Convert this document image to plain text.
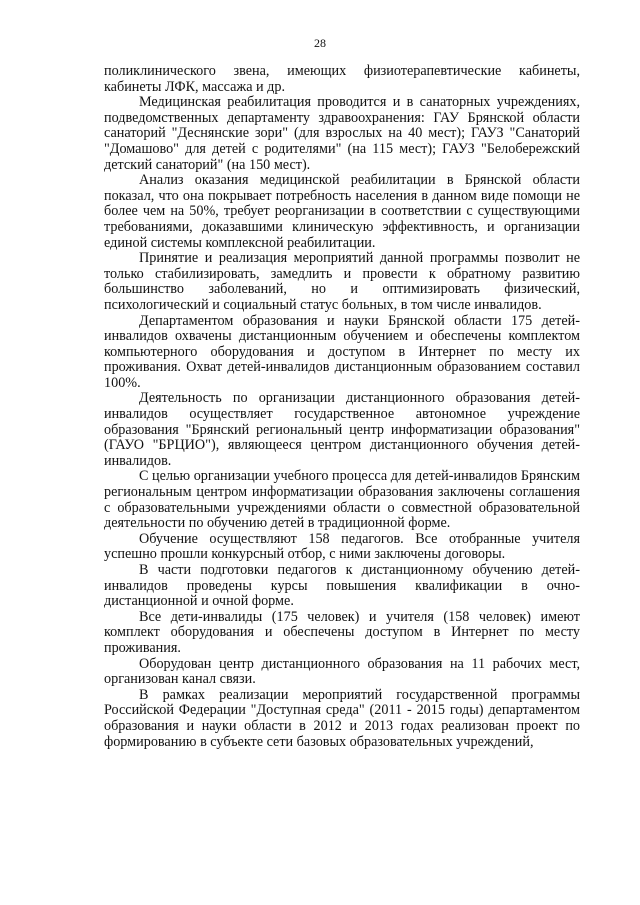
28

поликлинического звена, имеющих физиотерапевтические кабинеты, кабинеты ЛФК, массажа и др.

Медицинская реабилитация проводится и в санаторных учреждениях, подведомственных департаменту здравоохранения: ГАУ Брянской области санаторий "Деснянские зори" (для взрослых на 40 мест); ГАУЗ "Санаторий "Домашово" для детей с родителями" (на 115 мест); ГАУЗ "Белобережский детский санаторий" (на 150 мест).

Анализ оказания медицинской реабилитации в Брянской области показал, что она покрывает потребность населения в данном виде помощи не более чем на 50%, требует реорганизации в соответствии с существующими требованиями, доказавшими клиническую эффективность, и организации единой системы комплексной реабилитации.

Принятие и реализация мероприятий данной программы позволит не только стабилизировать, замедлить и провести к обратному развитию большинство заболеваний, но и оптимизировать физический, психологический и социальный статус больных, в том числе инвалидов.

Департаментом образования и науки Брянской области 175 детей-инвалидов охвачены дистанционным обучением и обеспечены комплектом компьютерного оборудования и доступом в Интернет по месту их проживания. Охват детей-инвалидов дистанционным образованием составил 100%.

Деятельность по организации дистанционного образования детей-инвалидов осуществляет государственное автономное учреждение образования "Брянский региональный центр информатизации образования" (ГАУО "БРЦИО"), являющееся центром дистанционного обучения детей-инвалидов.

С целью организации учебного процесса для детей-инвалидов Брянским региональным центром информатизации образования заключены соглашения с образовательными учреждениями области о совместной образовательной деятельности по обучению детей в традиционной форме.

Обучение осуществляют 158 педагогов. Все отобранные учителя успешно прошли конкурсный отбор, с ними заключены договоры.

В части подготовки педагогов к дистанционному обучению детей-инвалидов проведены курсы повышения квалификации в очно-дистанционной и очной форме.

Все дети-инвалиды (175 человек) и учителя (158 человек) имеют комплект оборудования и обеспечены доступом в Интернет по месту проживания.

Оборудован центр дистанционного образования на 11 рабочих мест, организован канал связи.

В рамках реализации мероприятий государственной программы Российской Федерации "Доступная среда" (2011 - 2015 годы) департаментом образования и науки области в 2012 и 2013 годах реализован проект по формированию в субъекте сети базовых образовательных учреждений,
